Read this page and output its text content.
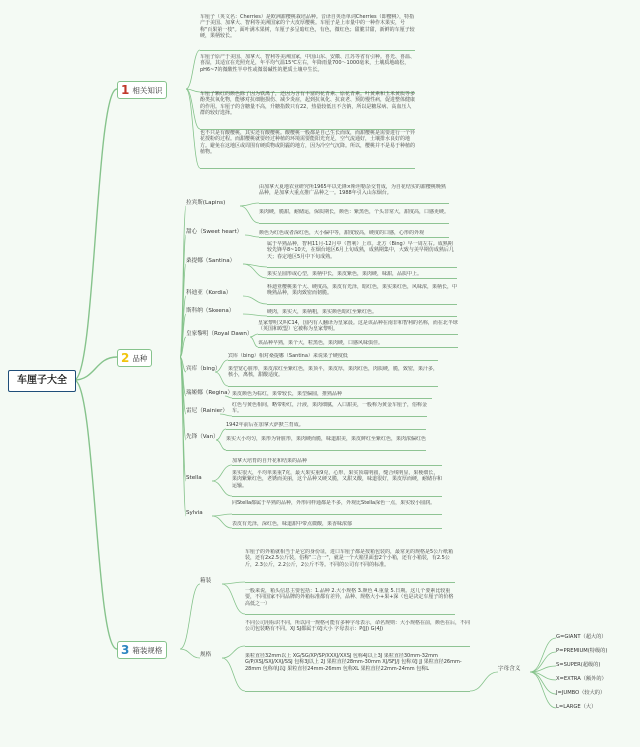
车厘子大全
1 相关知识
2 品种
3 箱装规格
车厘子（英文名：Cherries）是欧洲甜樱桃栽培品种。音译自英语单词Cherries（即樱桃），特指产于美国、加拿大、智利等美洲国家的个大皮厚樱桃。车厘子是上市量中的一种作木果实，号称"百果第一枝"。面叶满木果树，车厘子多呈暗红色，有色，微红色；甜脆甘甜，新鲜的车厘子较硬，果柄较长。
车厘子原产于美国、加拿大、智利等美洲国家，中国山东、安徽、江苏等省有引种。喜光、喜温、喜湿，其适宜在光照充足，年平均气温15℃左右，年降雨量700～1000毫米，土壤质地疏松，pH6~7的微酸性半中性或微弱碱性的肥质土壤中生长。
车厘子颗红的颜色除了因为铁离子，还因为含有丰富的花青素、原花青素。叶黄素和玉米黄质等多酚类抗氧化物，能够对抗细胞损伤、减少炎症，起到抗氧化、抗衰老、预防慢性病，促进整体健康的作用。车厘子的含糖量不高，升糖指数只有22，热量较低且不含钠，所以是糖尿病、高血压人群的较好选择。
也不只是有酸樱桃，其实还有酸樱桃。酸樱桃一般都是自己生长而成，而甜樱桃是需要进行一个异花授粉的过程。而甜樱桃就要经过种植的环境需要能阳光充足，空气流通好，土壤排水良好的地方。避免在这地区或周围有硬质物或阴霾的地方，因为冷空气沉降。所以，樱桃并不是易于种植的植物。
拉宾斯(Lapins)
由加拿大夏地农业研究所1965年以先锋×斯坦勒杂交育成，为自花结实的甜樱桃晚熟品种，是加拿大重点推广品种之一。1988年引入山东烟台。
果肉硬，脆甜，耐储运，保质期长，颜色：紫黑色，个头非常大，甜度高，口感更硬。
甜心（Sweet heart）	颜色为红色或者深红色，大小偏中等，甜度较高，硬度的口感，心形的外观
桑提娜（Santina）
属于早熟品种，智利11月-12月中（智利）上市。北方（Bing）早一周左右。成熟期较先锋早8~10天，在烟台地区6月上旬成熟，成熟期集中，大致与美早期仿成熟后几天；春定地区5月中下旬成熟。
果实呈圆形或心型，果柄中长，果皮紫色，果肉硬，味甜，品质中上。
科迪亚（Kordia）
科迪亚樱桃果个大、硬度高，果皮有光泽，暗红色，果实果红色，风味浓，果柄长，中晚熟品种，果肉致密而韧脆。
斯科纳（Skeena）	硬肉，果实大，果柄粗，果实颜色暗红至紫红色。
皇家黎明（Royal Dawn）
皇家黎明又叫C14，国内有人翻译为皇家晨。这是该品种在南非和智利的名称，而在北半球（英国和欧盟）它被称为皇家黎明。
该品种早熟，果个大，粒黑色，果肉硬，口感风味俱佳。
宾库（bing）
宾库（bing）相对桑提娜（Santina）来说果子硬度低
果型宽心脏形，果皮浓红至紫红色，果顶平，果皮厚，果肉红色，肉质硬，脆，致密，果汁多，核小，离核，甜酸适度。
瑞姬娜（Regina）
果皮颜色为棕红，果带较长，果型偏圆，推熟品种
雷尼（Rainier）
红色与黄色相间，略带粉红，汁液，果肉细腻，入口甜美，一般称为黄金车厘子，俗称金车。
先锋（Van）
1942年前后在加拿大萨默兰育成。
果实大小均匀，果形为肾脏形，果肉硬而脆，味道甜美，果皮鲜红至紫红色，果肉浓偏红色
Stella
加拿大培育的自开花和结果的品种
果实很大，平均单果重7克，最大果实重9克，心形，果实顶端明圆，缝合线明显，果梗细长，果肉紫紫红色，老锈而美丽，这个品种又硬又脆，又甜又酸，味道很好，果皮厚而硬，耐储存和运输。
Sylvia
同Stella都属于早熟的品种，外形同样通都是不多，外观比Stella深色一点，果实较小圆润。
表皮有光泽，深红色，味道甜中带点微酸，果香味浓郁
箱装
车厘子的外箱就相当于是它的身份证，进口车厘子都是按箱包装的，最常见的规格是5公斤纸箱装，还有2x2.5公斤装，俗称"二合一"，就是一个大箱里面套2个小箱，还有小箱装，有2.5公斤，2.3公斤，2.2公斤，2公斤不等。不同的公司有不同的标准。
一般来说，箱头信息主要包括：1.品种 2.大小规格 3.颜色 4.重量 5.日期。这几个要素比较重要，不同国家不同品牌的外箱标准都有差异，品种、规格大小+果+深（也是决定车厘子的价格高低之一）
规格
不同公司用标识不同，所以同一规格可能有多种字母表示，命名规则：大小规格在前，颜色在后，不同公司包装略有不同。XJ SJ都属于双J大小 字母表示：P(JJ) G(4J)
果粒直径32mm以上 XG/SG/XP/SP/XXXJ/XXSJ 包称4J以上3J 果粒直径30mm-32mm G/P/XSJ/SXJ/XXJ/SSJ 包称3J以上 2J 果粒直径28mm-30mm XJ/SFJ/J 包称双J JJ 果粒直径26mm-28mm 包称单J以J 果粒直径24mm-26mm 包称XL 果粒直径22mm-24mm 包称L	字母含义
G=GIANT（超大的）
P=PREMIUM(特级的)
S=SUPER(超级的)
X=EXTRA（额外的）
J=JUMBO（较大的）
L=LARGE（大）
